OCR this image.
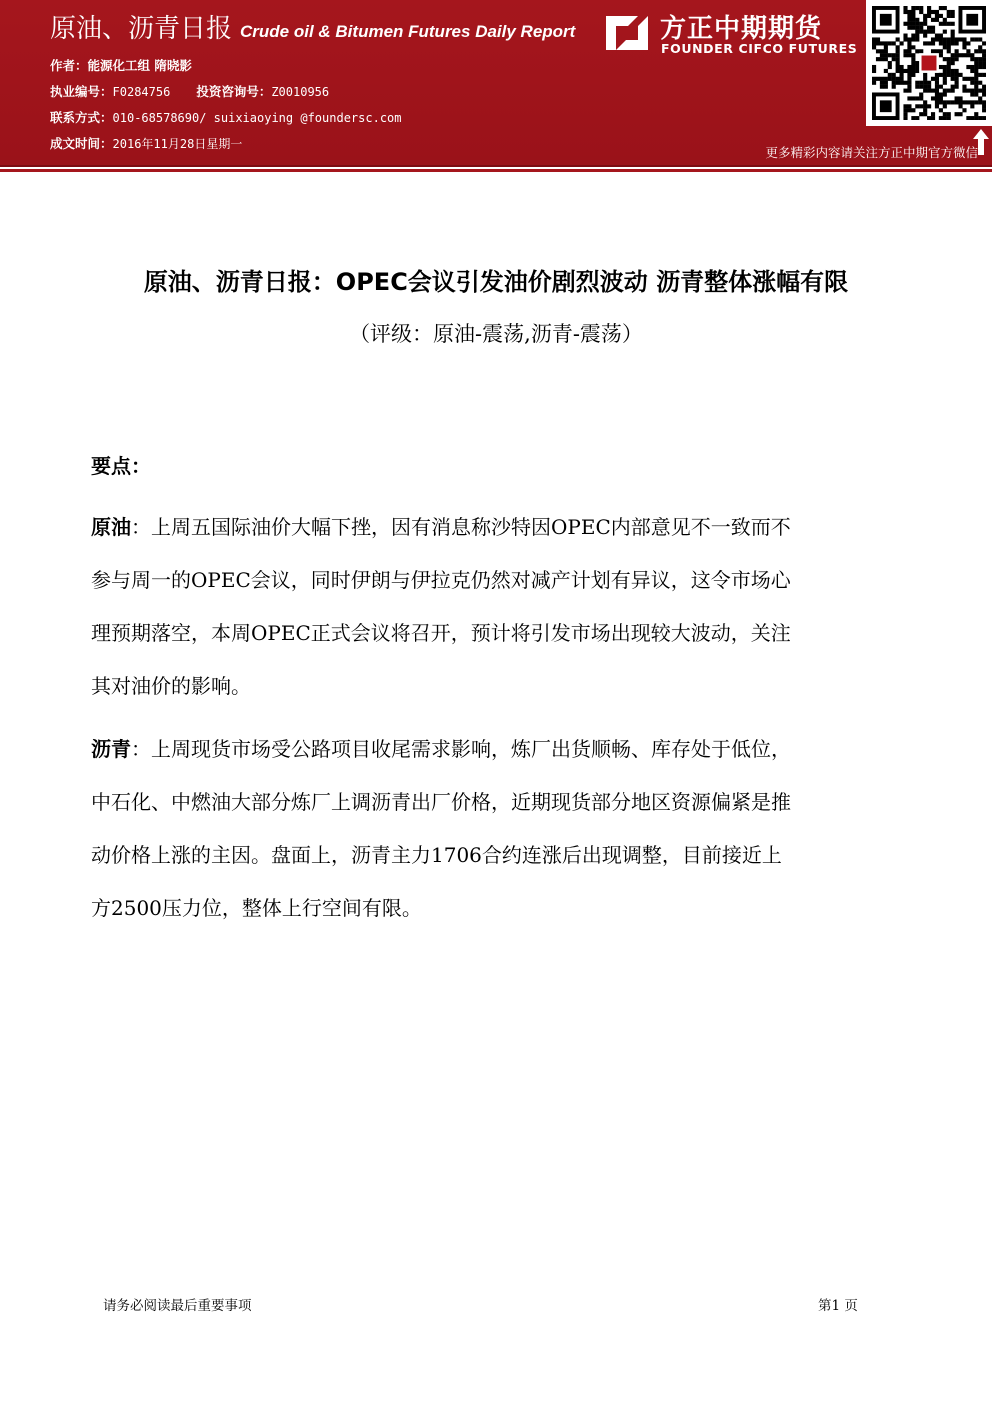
原油、沥青日报 Crude oil & Bitumen Futures Daily Report
作者：能源化工组 隋晓影
执业编号：F0284756 投资咨询号：Z0010956
联系方式：010-68578690/ suixiaoying @foundersc.com
成文时间：2016年11月28日星期一
方正中期期货
FOUNDER CIFCO FUTURES
更多精彩内容请关注方正中期官方微信
原油、沥青日报：OPEC会议引发油价剧烈波动 沥青整体涨幅有限
（评级：原油-震荡,沥青-震荡）
要点：
原油：上周五国际油价大幅下挫，因有消息称沙特因OPEC内部意见不一致而不
参与周一的OPEC会议，同时伊朗与伊拉克仍然对减产计划有异议，这令市场心
理预期落空，本周OPEC正式会议将召开，预计将引发市场出现较大波动，关注
其对油价的影响。
沥青：上周现货市场受公路项目收尾需求影响，炼厂出货顺畅、库存处于低位，
中石化、中燃油大部分炼厂上调沥青出厂价格，近期现货部分地区资源偏紧是推
动价格上涨的主因。盘面上，沥青主力1706合约连涨后出现调整，目前接近上
方2500压力位，整体上行空间有限。
请务必阅读最后重要事项	第1 页
